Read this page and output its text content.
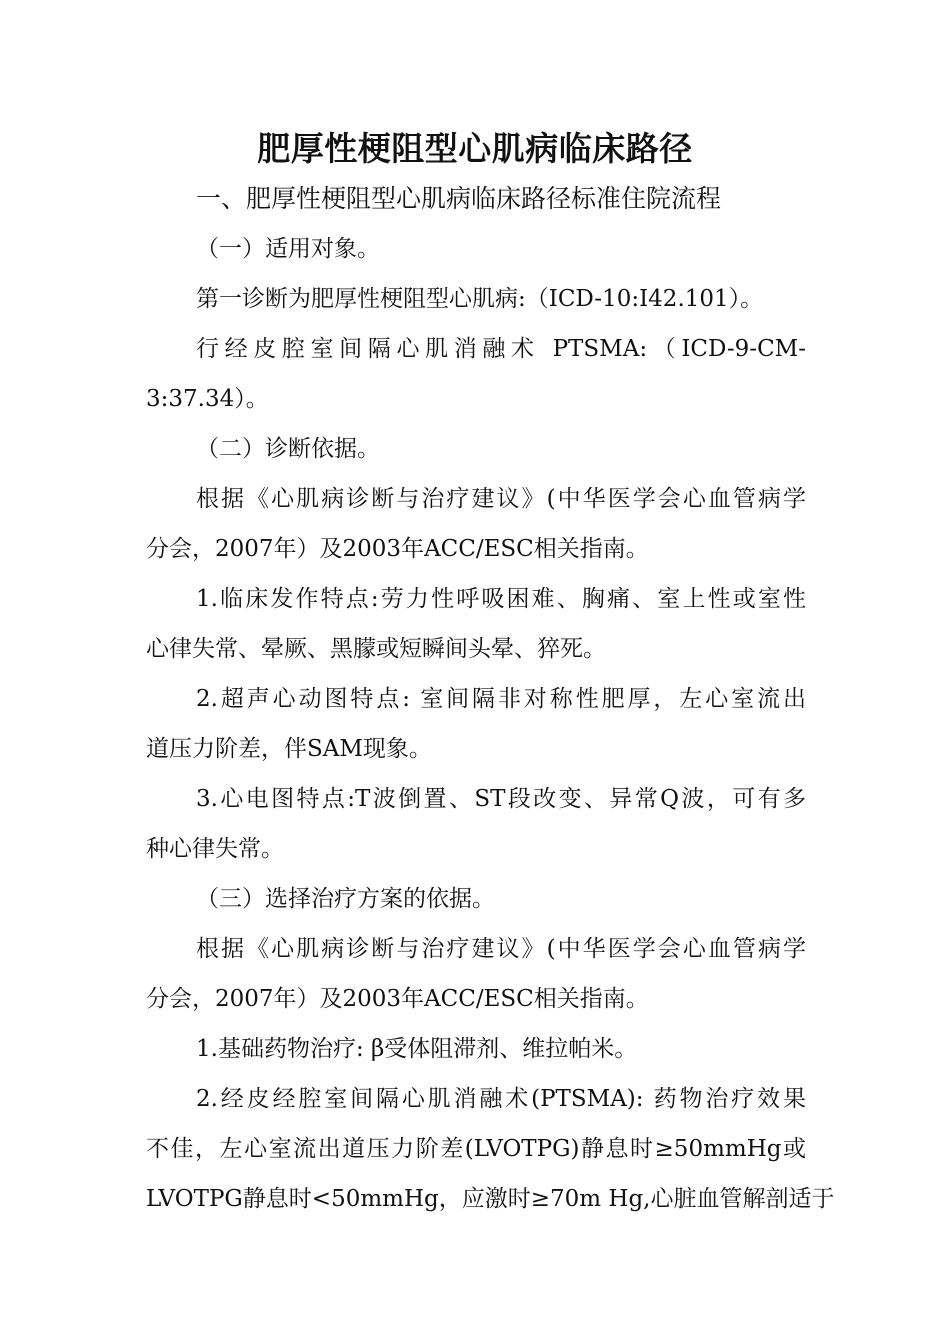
肥厚性梗阻型心肌病临床路径
一、肥厚性梗阻型心肌病临床路径标准住院流程
（一）适用对象。
第一诊断为肥厚性梗阻型心肌病:（ICD-10:I42.101）。
行经皮腔室间隔心肌消融术 PTSMA:（ICD-9-CM-
3:37.34）。
（二）诊断依据。
根据《心肌病诊断与治疗建议》(中华医学会心血管病学
分会，2007年）及2003年ACC/ESC相关指南。
1.临床发作特点:劳力性呼吸困难、胸痛、室上性或室性
心律失常、晕厥、黑朦或短瞬间头晕、猝死。
2.超声心动图特点: 室间隔非对称性肥厚，左心室流出
道压力阶差，伴SAM现象。
3.心电图特点:T波倒置、ST段改变、异常Q波，可有多
种心律失常。
（三）选择治疗方案的依据。
根据《心肌病诊断与治疗建议》(中华医学会心血管病学
分会，2007年）及2003年ACC/ESC相关指南。
1.基础药物治疗: β受体阻滞剂、维拉帕米。
2.经皮经腔室间隔心肌消融术(PTSMA): 药物治疗效果
不佳，左心室流出道压力阶差(LVOTPG)静息时≥50mmHg或
LVOTPG静息时<50mmHg，应激时≥70m Hg,心脏血管解剖适于
